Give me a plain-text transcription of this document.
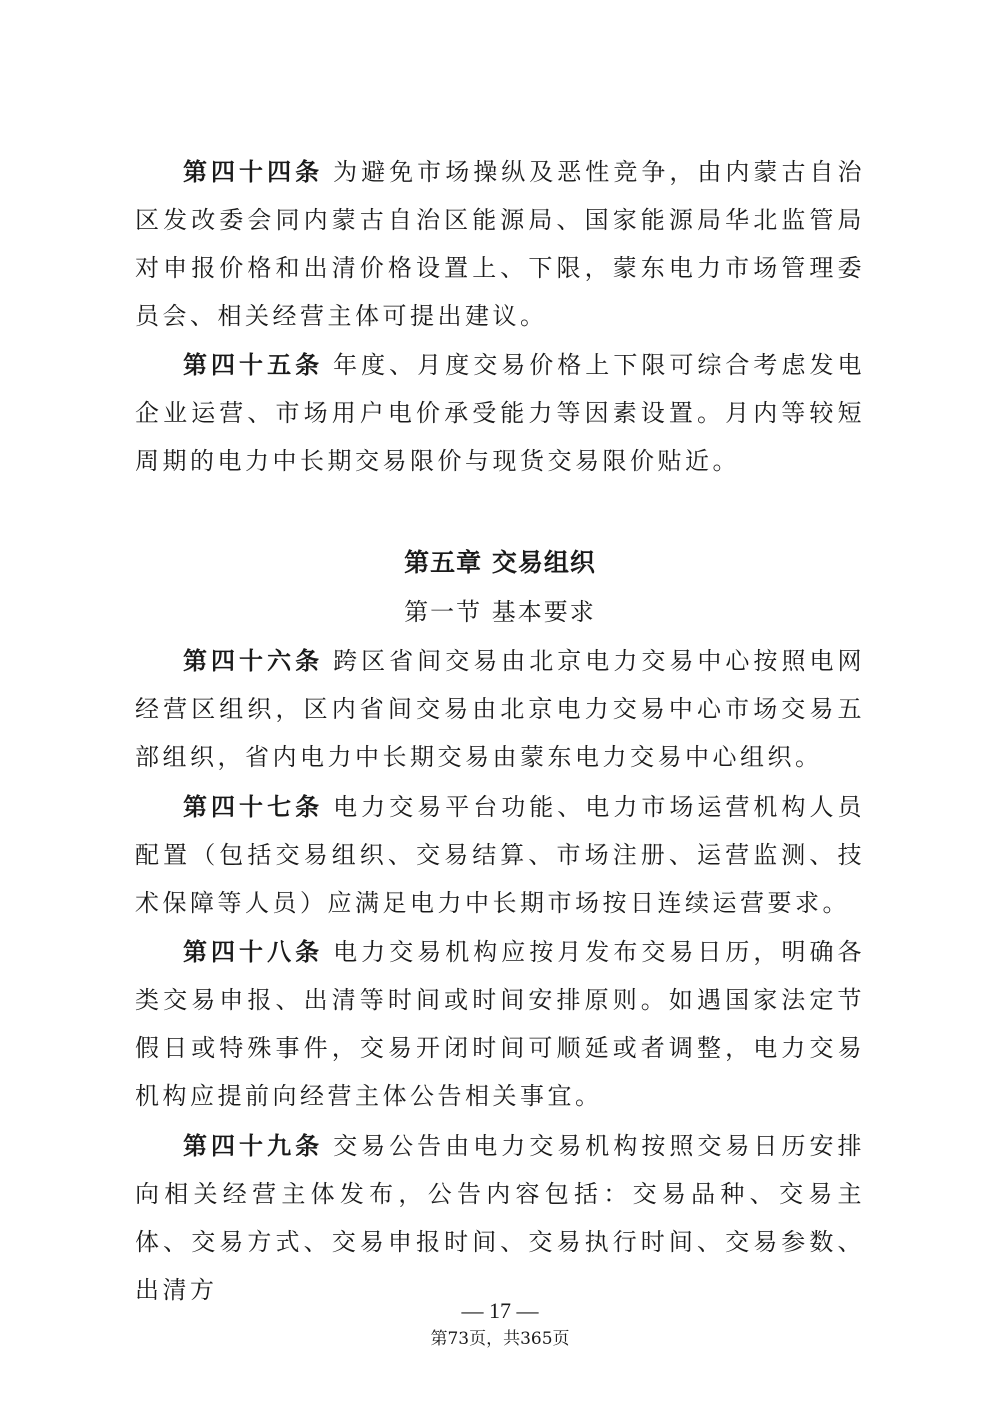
第四十四条 为避免市场操纵及恶性竞争，由内蒙古自治区发改委会同内蒙古自治区能源局、国家能源局华北监管局对申报价格和出清价格设置上、下限，蒙东电力市场管理委员会、相关经营主体可提出建议。

第四十五条 年度、月度交易价格上下限可综合考虑发电企业运营、市场用户电价承受能力等因素设置。月内等较短周期的电力中长期交易限价与现货交易限价贴近。

第五章 交易组织
第一节 基本要求

第四十六条 跨区省间交易由北京电力交易中心按照电网经营区组织，区内省间交易由北京电力交易中心市场交易五部组织，省内电力中长期交易由蒙东电力交易中心组织。

第四十七条 电力交易平台功能、电力市场运营机构人员配置（包括交易组织、交易结算、市场注册、运营监测、技术保障等人员）应满足电力中长期市场按日连续运营要求。

第四十八条 电力交易机构应按月发布交易日历，明确各类交易申报、出清等时间或时间安排原则。如遇国家法定节假日或特殊事件，交易开闭时间可顺延或者调整，电力交易机构应提前向经营主体公告相关事宜。

第四十九条 交易公告由电力交易机构按照交易日历安排向相关经营主体发布，公告内容包括：交易品种、交易主体、交易方式、交易申报时间、交易执行时间、交易参数、出清方

— 17 —
第73页，共365页
